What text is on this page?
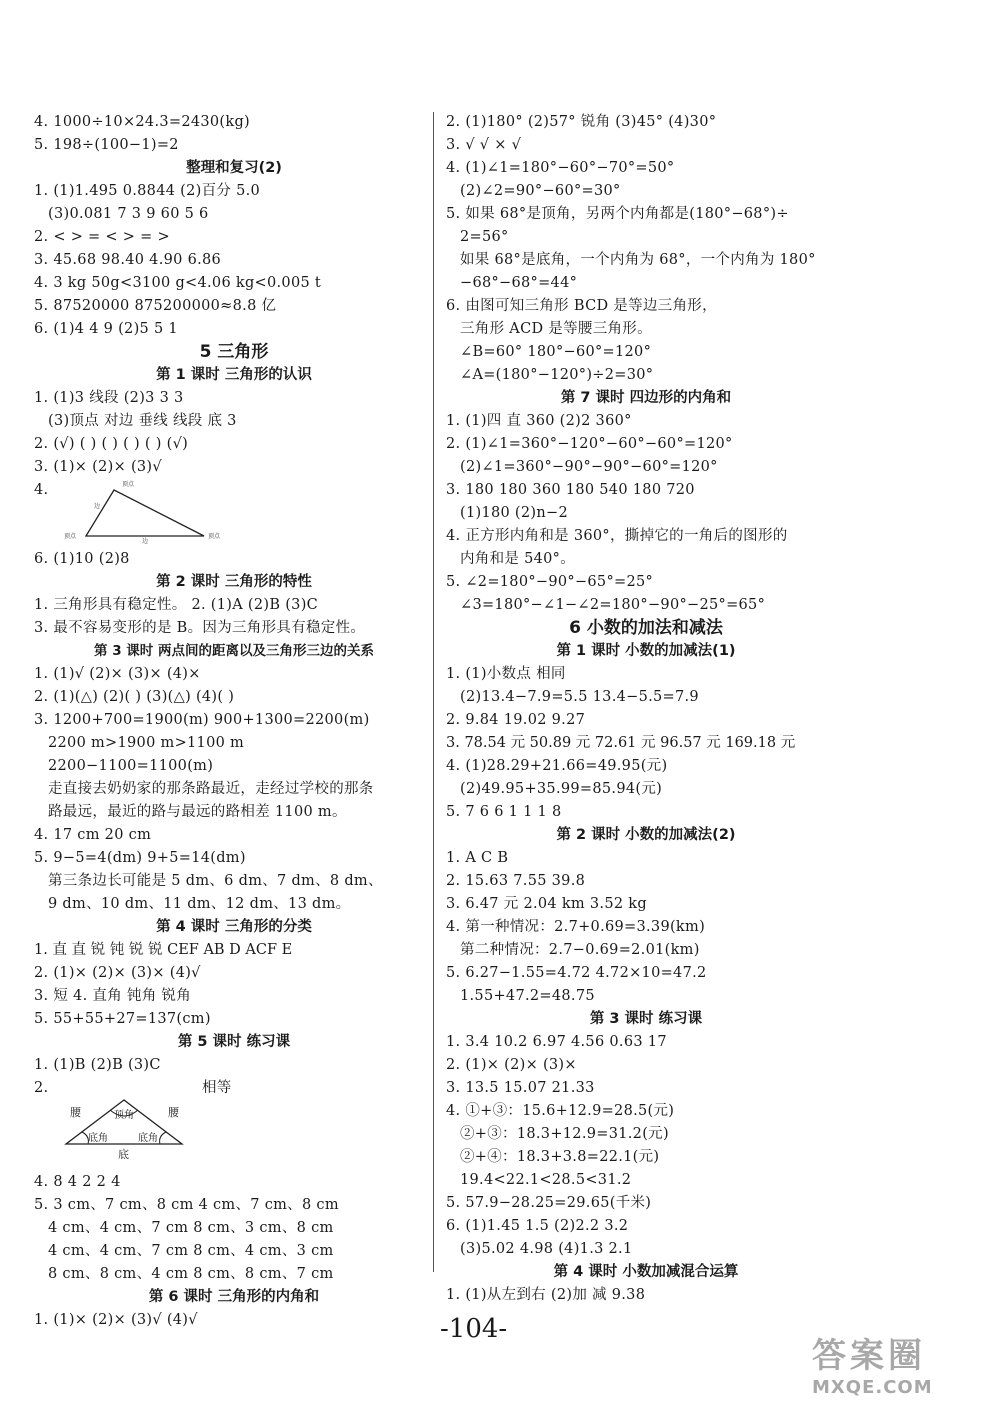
4. 1000÷10×24.3=2430(kg)
5. 198÷(100−1)=2
整理和复习(2)
1. (1)1.495 0.8844 (2)百分 5.0
(3)0.081 7 3 9 60 5 6
2. < > = < > = >
3. 45.68 98.40 4.90 6.86
4. 3 kg 50g<3100 g<4.06 kg<0.005 t
5. 87520000 875200000≈8.8 亿
6. (1)4 4 9 (2)5 5 1
5 三角形
第 1 课时 三角形的认识
1. (1)3 线段 (2)3 3 3
(3)顶点 对边 垂线 线段 底 3
2. (√) ( ) ( ) ( ) ( ) (√)
3. (1)× (2)× (3)√
4.	顶点
边
顶点	顶点
边
6. (1)10 (2)8
第 2 课时 三角形的特性
1. 三角形具有稳定性。 2. (1)A (2)B (3)C
3. 最不容易变形的是 B。因为三角形具有稳定性。
第 3 课时 两点间的距离以及三角形三边的关系
1. (1)√ (2)× (3)× (4)×
2. (1)(△) (2)( ) (3)(△) (4)( )
3. 1200+700=1900(m) 900+1300=2200(m)
2200 m>1900 m>1100 m
2200−1100=1100(m)
走直接去奶奶家的那条路最近，走经过学校的那条
路最远，最近的路与最远的路相差 1100 m。
4. 17 cm 20 cm
5. 9−5=4(dm) 9+5=14(dm)
第三条边长可能是 5 dm、6 dm、7 dm、8 dm、
9 dm、10 dm、11 dm、12 dm、13 dm。
第 4 课时 三角形的分类
1. 直 直 锐 钝 锐 锐 CEF AB D ACF E
2. (1)× (2)× (3)× (4)√
3. 短 4. 直角 钝角 锐角
5. 55+55+27=137(cm)
第 5 课时 练习课
1. (1)B (2)B (3)C
2.	相等
腰	腰
顶角
底角	底角
底
4. 8 4 2 2 4
5. 3 cm、7 cm、8 cm 4 cm、7 cm、8 cm
4 cm、4 cm、7 cm 8 cm、3 cm、8 cm
4 cm、4 cm、7 cm 8 cm、4 cm、3 cm
8 cm、8 cm、4 cm 8 cm、8 cm、7 cm
第 6 课时 三角形的内角和
1. (1)× (2)× (3)√ (4)√
2. (1)180° (2)57° 锐角 (3)45° (4)30°
3. √ √ × √
4. (1)∠1=180°−60°−70°=50°
(2)∠2=90°−60°=30°
5. 如果 68°是顶角，另两个内角都是(180°−68°)÷
2=56°
如果 68°是底角，一个内角为 68°，一个内角为 180°
−68°−68°=44°
6. 由图可知三角形 BCD 是等边三角形，
三角形 ACD 是等腰三角形。
∠B=60° 180°−60°=120°
∠A=(180°−120°)÷2=30°
第 7 课时 四边形的内角和
1. (1)四 直 360 (2)2 360°
2. (1)∠1=360°−120°−60°−60°=120°
(2)∠1=360°−90°−90°−60°=120°
3. 180 180 360 180 540 180 720
(1)180 (2)n−2
4. 正方形内角和是 360°，撕掉它的一角后的图形的
内角和是 540°。
5. ∠2=180°−90°−65°=25°
∠3=180°−∠1−∠2=180°−90°−25°=65°
6 小数的加法和减法
第 1 课时 小数的加减法(1)
1. (1)小数点 相同
(2)13.4−7.9=5.5 13.4−5.5=7.9
2. 9.84 19.02 9.27
3. 78.54 元 50.89 元 72.61 元 96.57 元 169.18 元
4. (1)28.29+21.66=49.95(元)
(2)49.95+35.99=85.94(元)
5. 7 6 6 1 1 1 8
第 2 课时 小数的加减法(2)
1. A C B
2. 15.63 7.55 39.8
3. 6.47 元 2.04 km 3.52 kg
4. 第一种情况：2.7+0.69=3.39(km)
第二种情况：2.7−0.69=2.01(km)
5. 6.27−1.55=4.72 4.72×10=47.2
1.55+47.2=48.75
第 3 课时 练习课
1. 3.4 10.2 6.97 4.56 0.63 17
2. (1)× (2)× (3)×
3. 13.5 15.07 21.33
4. ①+③：15.6+12.9=28.5(元)
②+③：18.3+12.9=31.2(元)
②+④：18.3+3.8=22.1(元)
19.4<22.1<28.5<31.2
5. 57.9−28.25=29.65(千米)
6. (1)1.45 1.5 (2)2.2 3.2
(3)5.02 4.98 (4)1.3 2.1
第 4 课时 小数加减混合运算
1. (1)从左到右 (2)加 减 9.38
-104-
答案圈
MXQE.COM
